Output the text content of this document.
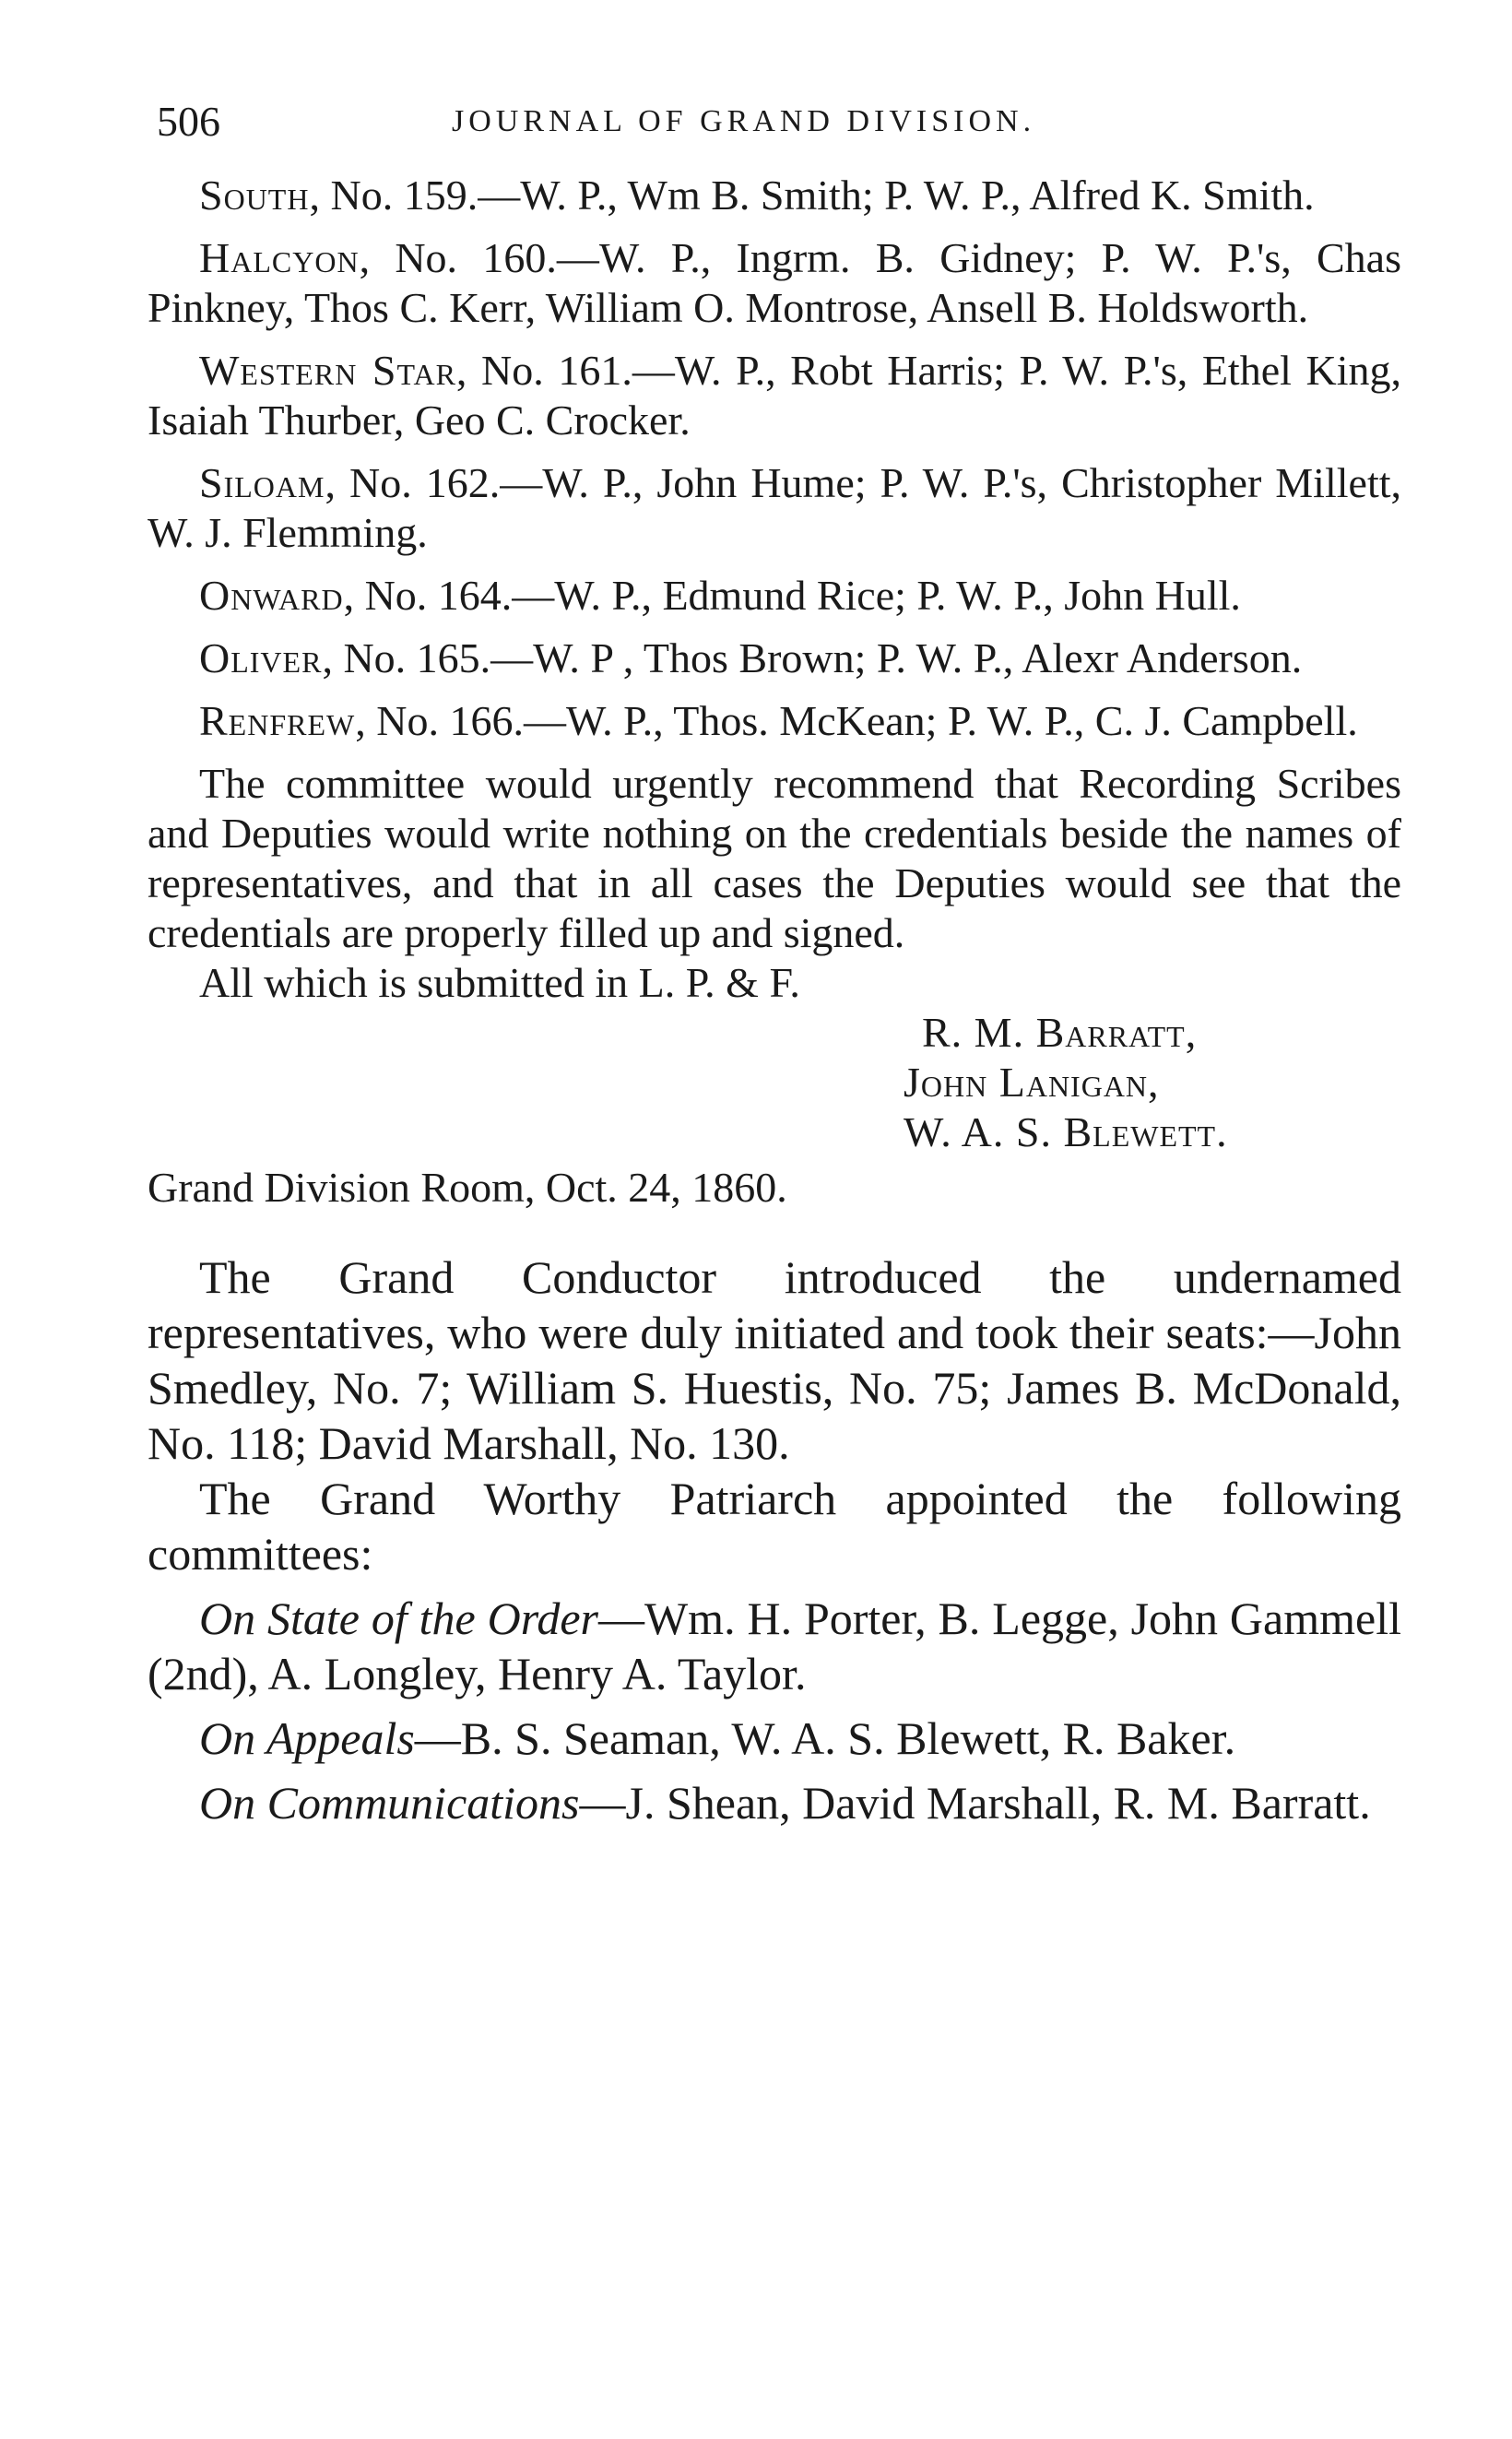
506	JOURNAL OF GRAND DIVISION.

South, No. 159.—W. P., Wm B. Smith; P. W. P., Alfred K. Smith.

Halcyon, No. 160.—W. P., Ingrm. B. Gidney; P. W. P.'s, Chas Pinkney, Thos C. Kerr, William O. Montrose, Ansell B. Holdsworth.

Western Star, No. 161.—W. P., Robt Harris; P. W. P.'s, Ethel King, Isaiah Thurber, Geo C. Crocker.

Siloam, No. 162.—W. P., John Hume; P. W. P.'s, Christopher Millett, W. J. Flemming.

Onward, No. 164.—W. P., Edmund Rice; P. W. P., John Hull.

Oliver, No. 165.—W. P , Thos Brown; P. W. P., Alexr Anderson.

Renfrew, No. 166.—W. P., Thos. McKean; P. W. P., C. J. Campbell.

The committee would urgently recommend that Recording Scribes and Deputies would write nothing on the credentials beside the names of representatives, and that in all cases the Deputies would see that the credentials are properly filled up and signed.

All which is submitted in L. P. & F.

R. M. Barratt,
John Lanigan,
W. A. S. Blewett.

Grand Division Room, Oct. 24, 1860.

The Grand Conductor introduced the undernamed representatives, who were duly initiated and took their seats:—John Smedley, No. 7; William S. Huestis, No. 75; James B. McDonald, No. 118; David Marshall, No. 130.

The Grand Worthy Patriarch appointed the following committees:

On State of the Order—Wm. H. Porter, B. Legge, John Gammell (2nd), A. Longley, Henry A. Taylor.

On Appeals—B. S. Seaman, W. A. S. Blewett, R. Baker.

On Communications—J. Shean, David Marshall, R. M. Barratt.
